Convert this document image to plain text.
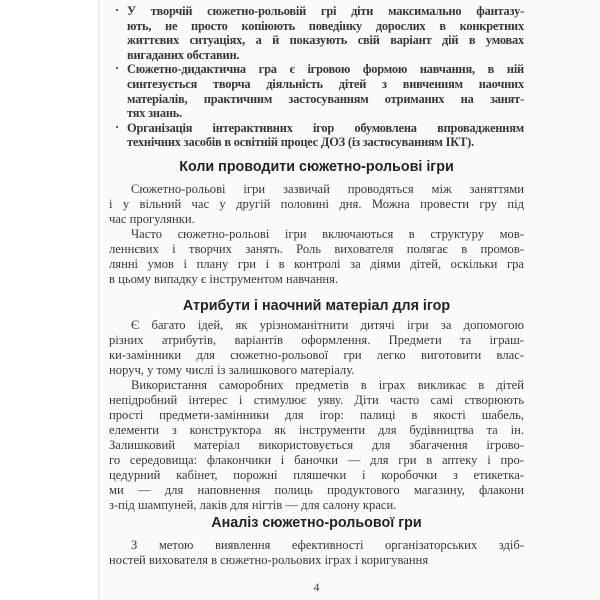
· У творчій сюжетно-рольовій грі діти максимально фантазу-
ють, не просто копіюють поведінку дорослих в конкретних
життєвих ситуаціях, а й показують свій варіант дій в умовах
вигаданих обставин.
· Сюжетно-дидактична гра є ігровою формою навчання, в ній
синтезується творча діяльність дітей з вивченням наочних
матеріалів, практичним застосуванням отриманих на занят-
тях знань.
· Організація інтерактивних ігор обумовлена впровадженням
технічних засобів в освітній процес ДОЗ (із застосуванням ІКТ).
Коли проводити сюжетно-рольові ігри
Сюжетно-рольові ігри зазвичай проводяться між заняттями
і у вільний час у другій половині дня. Можна провести гру під
час прогулянки.
Часто сюжетно-рольові ігри включаються в структуру мов-
леннєвих і творчих занять. Роль вихователя полягає в промов-
лянні умов і плану гри і в контролі за діями дітей, оскільки гра
в цьому випадку є інструментом навчання.
Атрибути і наочний матеріал для ігор
Є багато ідей, як урізноманітнити дитячі ігри за допомогою
різних атрибутів, варіантів оформлення. Предмети та іграш-
ки-замінники для сюжетно-рольової гри легко виготовити влас-
норуч, у тому числі із залишкового матеріалу.
Використання саморобних предметів в іграх викликає в дітей
непідробний інтерес і стимулює уяву. Діти часто самі створюють
прості предмети-замінники для ігор: палиці в якості шабель,
елементи з конструктора як інструменти для будівництва та ін.
Залишковий матеріал використовується для збагачення ігрово-
го середовища: флакончики і баночки — для гри в аптеку і про-
цедурний кабінет, порожні пляшечки і коробочки з етикетка-
ми — для наповнення полиць продуктового магазину, флакони
з-під шампуней, лаків для нігтів — для салону краси.
Аналіз сюжетно-рольової гри
З метою виявлення ефективності організаторських здіб-
ностей вихователя в сюжетно-рольових іграх і коригування
4
